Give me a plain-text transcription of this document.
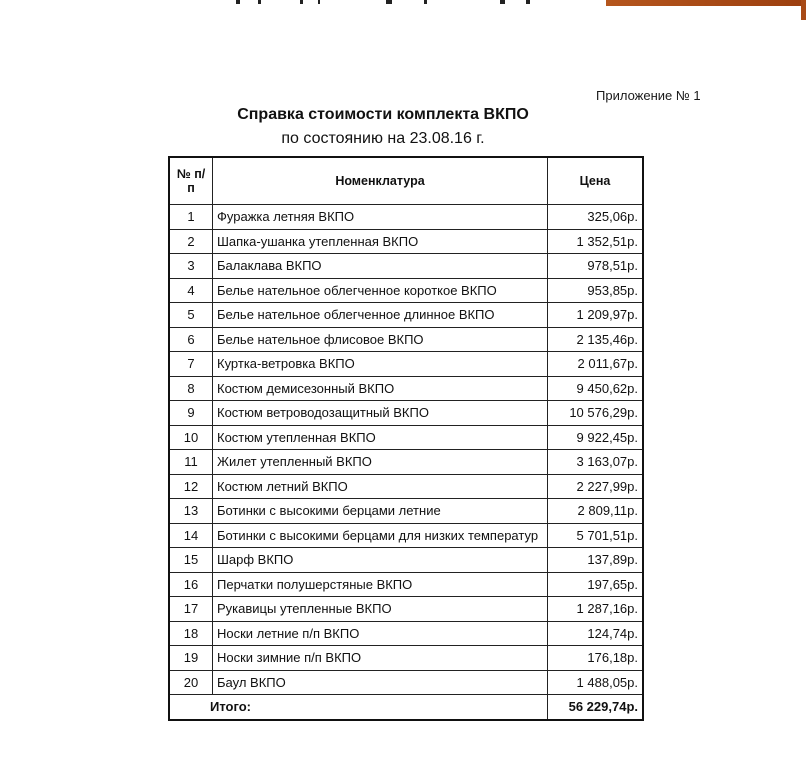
Приложение № 1
Справка стоимости комплекта ВКПО
по состоянию на 23.08.16 г.
№ п/п	Номенклатура	Цена
1	Фуражка летняя ВКПО	325,06р.
2	Шапка-ушанка утепленная ВКПО	1 352,51р.
3	Балаклава ВКПО	978,51р.
4	Белье нательное облегченное короткое ВКПО	953,85р.
5	Белье нательное облегченное длинное ВКПО	1 209,97р.
6	Белье нательное флисовое ВКПО	2 135,46р.
7	Куртка-ветровка ВКПО	2 011,67р.
8	Костюм демисезонный ВКПО	9 450,62р.
9	Костюм ветроводозащитный ВКПО	10 576,29р.
10	Костюм утепленная ВКПО	9 922,45р.
11	Жилет утепленный ВКПО	3 163,07р.
12	Костюм летний ВКПО	2 227,99р.
13	Ботинки с высокими берцами летние	2 809,11р.
14	Ботинки с высокими берцами для низких температур	5 701,51р.
15	Шарф ВКПО	137,89р.
16	Перчатки полушерстяные ВКПО	197,65р.
17	Рукавицы утепленные ВКПО	1 287,16р.
18	Носки летние п/п ВКПО	124,74р.
19	Носки зимние п/п ВКПО	176,18р.
20	Баул ВКПО	1 488,05р.
Итого:		56 229,74р.
